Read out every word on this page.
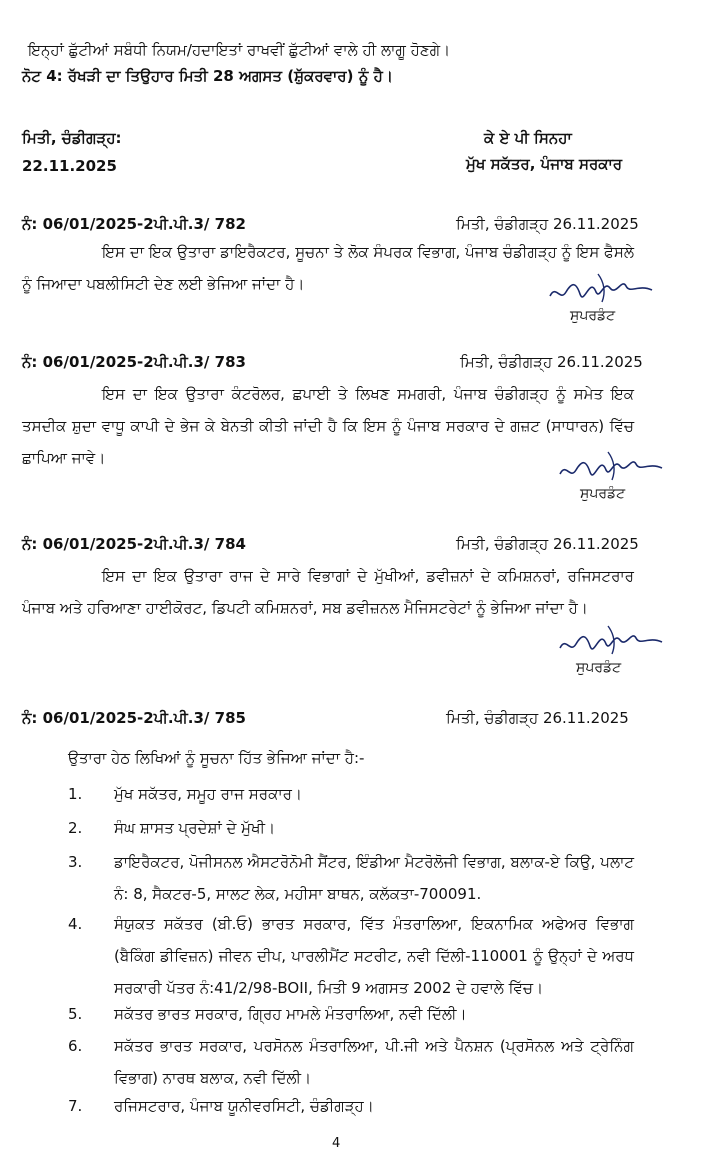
ਇਨ੍ਹਾਂ ਛੁੱਟੀਆਂ ਸਬੰਧੀ ਨਿਯਮ/ਹਦਾਇਤਾਂ ਰਾਖਵੀਂ ਛੁੱਟੀਆਂ ਵਾਲੇ ਹੀ ਲਾਗੂ ਹੋਣਗੇ।
ਨੋਟ 4: ਰੱਖੜੀ ਦਾ ਤਿਉਹਾਰ ਮਿਤੀ 28 ਅਗਸਤ (ਸ਼ੁੱਕਰਵਾਰ) ਨੂੰ ਹੈ।
ਮਿਤੀ, ਚੰਡੀਗੜ੍ਹ:
22.11.2025
ਕੇ ਏ ਪੀ ਸਿਨਹਾ
ਮੁੱਖ ਸਕੱਤਰ, ਪੰਜਾਬ ਸਰਕਾਰ
ਨੰ: 06/01/2025-2ਪੀ.ਪੀ.3/ 782	ਮਿਤੀ, ਚੰਡੀਗੜ੍ਹ 26.11.2025
ਇਸ ਦਾ ਇਕ ਉਤਾਰਾ ਡਾਇਰੈਕਟਰ, ਸੂਚਨਾ ਤੇ ਲੋਕ ਸੰਪਰਕ ਵਿਭਾਗ, ਪੰਜਾਬ ਚੰਡੀਗੜ੍ਹ ਨੂੰ ਇਸ ਫੈਸਲੇ ਨੂੰ ਜਿਆਦਾ ਪਬਲੀਸਿਟੀ ਦੇਣ ਲਈ ਭੇਜਿਆ ਜਾਂਦਾ ਹੈ।
ਸੁਪਰਡੰਟ
ਨੰ: 06/01/2025-2ਪੀ.ਪੀ.3/ 783	ਮਿਤੀ, ਚੰਡੀਗੜ੍ਹ 26.11.2025
ਇਸ ਦਾ ਇਕ ਉਤਾਰਾ ਕੰਟਰੋਲਰ, ਛਪਾਈ ਤੇ ਲਿਖਣ ਸਮਗਰੀ, ਪੰਜਾਬ ਚੰਡੀਗੜ੍ਹ ਨੂੰ ਸਮੇਤ ਇਕ ਤਸਦੀਕ ਸ਼ੁਦਾ ਵਾਧੂ ਕਾਪੀ ਦੇ ਭੇਜ ਕੇ ਬੇਨਤੀ ਕੀਤੀ ਜਾਂਦੀ ਹੈ ਕਿ ਇਸ ਨੂੰ ਪੰਜਾਬ ਸਰਕਾਰ ਦੇ ਗਜ਼ਟ (ਸਾਧਾਰਨ) ਵਿੱਚ ਛਾਪਿਆ ਜਾਵੇ।
ਸੁਪਰਡੰਟ
ਨੰ: 06/01/2025-2ਪੀ.ਪੀ.3/ 784	ਮਿਤੀ, ਚੰਡੀਗੜ੍ਹ 26.11.2025
ਇਸ ਦਾ ਇਕ ਉਤਾਰਾ ਰਾਜ ਦੇ ਸਾਰੇ ਵਿਭਾਗਾਂ ਦੇ ਮੁੱਖੀਆਂ, ਡਵੀਜ਼ਨਾਂ ਦੇ ਕਮਿਸ਼ਨਰਾਂ, ਰਜਿਸਟਰਾਰ ਪੰਜਾਬ ਅਤੇ ਹਰਿਆਣਾ ਹਾਈਕੋਰਟ, ਡਿਪਟੀ ਕਮਿਸ਼ਨਰਾਂ, ਸਬ ਡਵੀਜ਼ਨਲ ਮੈਜਿਸਟਰੇਟਾਂ ਨੂੰ ਭੇਜਿਆ ਜਾਂਦਾ ਹੈ।
ਸੁਪਰਡੰਟ
ਨੰ: 06/01/2025-2ਪੀ.ਪੀ.3/ 785	ਮਿਤੀ, ਚੰਡੀਗੜ੍ਹ 26.11.2025
ਉਤਾਰਾ ਹੇਠ ਲਿਖਿਆਂ ਨੂੰ ਸੂਚਨਾ ਹਿੱਤ ਭੇਜਿਆ ਜਾਂਦਾ ਹੈ:-
1. ਮੁੱਖ ਸਕੱਤਰ, ਸਮੂਹ ਰਾਜ ਸਰਕਾਰ।
2. ਸੰਘ ਸ਼ਾਸਤ ਪ੍ਰਦੇਸ਼ਾਂ ਦੇ ਮੁੱਖੀ।
3. ਡਾਇਰੈਕਟਰ, ਪੋਜੀਸਨਲ ਐਸਟਰੋਨੋਮੀ ਸੈਂਟਰ, ਇੰਡੀਆ ਮੈਟਰੋਲੋਜੀ ਵਿਭਾਗ, ਬਲਾਕ-ਏ ਕਿਉ, ਪਲਾਟ ਨੰ: 8, ਸੈਕਟਰ-5, ਸਾਲਟ ਲੇਕ, ਮਹੀਸਾ ਬਾਥਨ, ਕਲੱਕਤਾ-700091.
4. ਸੰਯੁਕਤ ਸਕੱਤਰ (ਬੀ.ਓ) ਭਾਰਤ ਸਰਕਾਰ, ਵਿੱਤ ਮੰਤਰਾਲਿਆ, ਇਕਨਾਮਿਕ ਅਫੇਅਰ ਵਿਭਾਗ (ਬੈਕਿੰਗ ਡੀਵਿਜ਼ਨ) ਜੀਵਨ ਦੀਪ, ਪਾਰਲੀਮੈਂਟ ਸਟਰੀਟ, ਨਵੀ ਦਿੱਲੀ-110001 ਨੂੰ ਉਨ੍ਹਾਂ ਦੇ ਅਰਧ ਸਰਕਾਰੀ ਪੱਤਰ ਨੰ:41/2/98-BOII, ਮਿਤੀ 9 ਅਗਸਤ 2002 ਦੇ ਹਵਾਲੇ ਵਿੱਚ।
5. ਸਕੱਤਰ ਭਾਰਤ ਸਰਕਾਰ, ਗ੍ਰਿਹ ਮਾਮਲੇ ਮੰਤਰਾਲਿਆ, ਨਵੀ ਦਿੱਲੀ।
6. ਸਕੱਤਰ ਭਾਰਤ ਸਰਕਾਰ, ਪਰਸੋਨਲ ਮੰਤਰਾਲਿਆ, ਪੀ.ਜੀ ਅਤੇ ਪੈਨਸ਼ਨ (ਪ੍ਰਸੋਨਲ ਅਤੇ ਟ੍ਰੇਨਿੰਗ ਵਿਭਾਗ) ਨਾਰਥ ਬਲਾਕ, ਨਵੀ ਦਿੱਲੀ।
7. ਰਜਿਸਟਰਾਰ, ਪੰਜਾਬ ਯੂਨੀਵਰਸਿਟੀ, ਚੰਡੀਗੜ੍ਹ।
4
